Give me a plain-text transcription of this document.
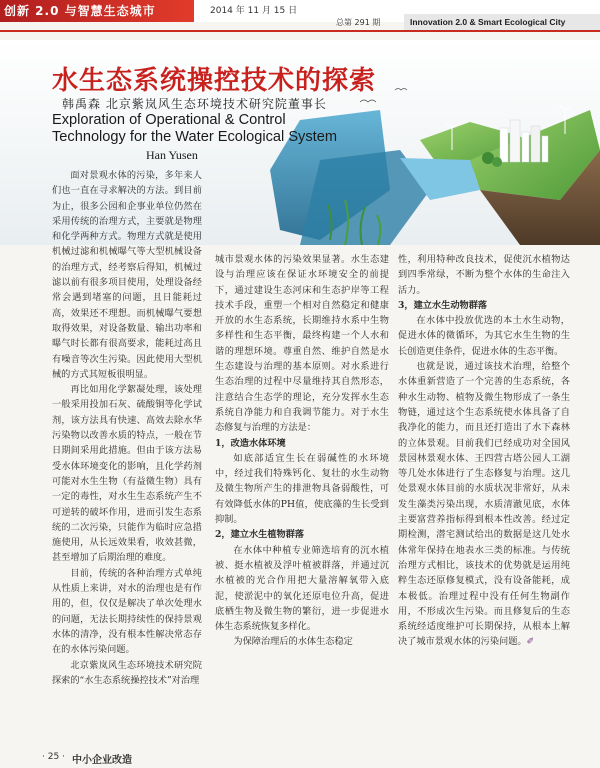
创新 2.0 与智慧生态城市	2014 年 11 月 15 日
总第 291 期	Innovation 2.0 & Smart Ecological City
水生态系统操控技术的探索
韩禹森 北京紫岚风生态环境技术研究院董事长
Exploration of Operational & Control Technology for the Water Ecological System
Han Yusen

面对景观水体的污染，多年来人们也一直在寻求解决的方法。到目前为止，很多公园和企事业单位仍然在采用传统的治理方式，主要就是物理和化学两种方式。物理方式就是使用机械过滤和机械曝气等大型机械设备的治理方式，经考察后得知，机械过滤以前有很多项目使用，处理设备经常会遇到堵塞的问题，且日能耗过高，效果还不理想。而机械曝气要想取得效果，对设备数量、输出功率和曝气时长都有很高要求，能耗过高且有噪音等次生污染。因此使用大型机械的方式其短板很明显。

再比如用化学絮凝处理，该处理一般采用投加石灰、硫酸铜等化学试剂，该方法具有快速、高效去除水华污染物以改善水质的特点，一般在节日期间采用此措施。但由于该方法易受水体环境变化的影响，且化学药剂可能对水生生物（有益微生物）具有一定的毒性，对水生生态系统产生不可逆转的破坏作用，进而引发生态系统的二次污染，只能作为临时应急措施使用，从长远效果看，收效甚微，甚至增加了后期治理的难度。

目前，传统的各种治理方式单纯从性质上来讲，对水的治理也是有作用的，但，仅仅是解决了单次处理水的问题，无法长期持续性的保持景观水体的清净，没有根本性解决常态存在的水体污染问题。

北京紫岚风生态环境技术研究院探索的“水生态系统操控技术”对治理

城市景观水体的污染效果显著。水生态建设与治理应该在保证水环境安全的前提下，通过建设生态河床和生态护岸等工程技术手段，重塑一个相对自然稳定和健康开放的水生态系统，长期维持水系中生物多样性和生态平衡，最终构建一个人水和谐的理想环境。尊重自然、维护自然是水生态建设与治理的基本原则。对水系进行生态治理的过程中尽量维持其自然形态，注意结合生态学的理论，充分发挥水生态系统自净能力和自我调节能力。对于水生态修复与治理的方法是：

1，改造水体环境

如底部适宜生长在弱碱性的水环境中，经过我们特殊钙化、复壮的水生动物及微生物所产生的排泄物具备弱酸性，可有效降低水体的PH值，使底藻的生长受到抑制。

2，建立水生植物群落

在水体中种植专业筛选培育的沉水植被、挺水植被及浮叶植被群落，并通过沉水植被的光合作用把大量溶解氧带入底泥，使淤泥中的氧化还原电位升高，促进底栖生物及微生物的繁衍，进一步促进水体生态系统恢复多样化。

为保障治理后的水体生态稳定

性，利用特种改良技术，促使沉水植物达到四季常绿，不断为整个水体的生命注入活力。

3，建立水生动物群落

在水体中投放优选的本土水生动物，促进水体的微循环，为其它水生生物的生长创造更佳条件，促进水体的生态平衡。

也就是说，通过该技术治理，给整个水体重新营造了一个完善的生态系统，各种水生动物、植物及微生物形成了一条生物链，通过这个生态系统使水体具备了自我净化的能力，而且还打造出了水下森林的立体景观。目前我们已经成功对全国风景园林景观水体、王四营古塔公园人工湖等几处水体进行了生态修复与治理。这几处景观水体目前的水质状况非常好，从未发生藻类污染出现，水质清澈见底，水体主要富营养指标得到根本性改善。经过定期检测，潜宅测试给出的数据是这几处水体常年保持在地表水三类的标准。与传统治理方式相比，该技术的优势就是运用纯粹生态还原修复模式，没有设备能耗，成本极低。治理过程中没有任何生物副作用，不形成次生污染。而且修复后的生态系统经适度维护可长期保持，从根本上解决了城市景观水体的污染问题。✐

· 25 · 中小企业改造
